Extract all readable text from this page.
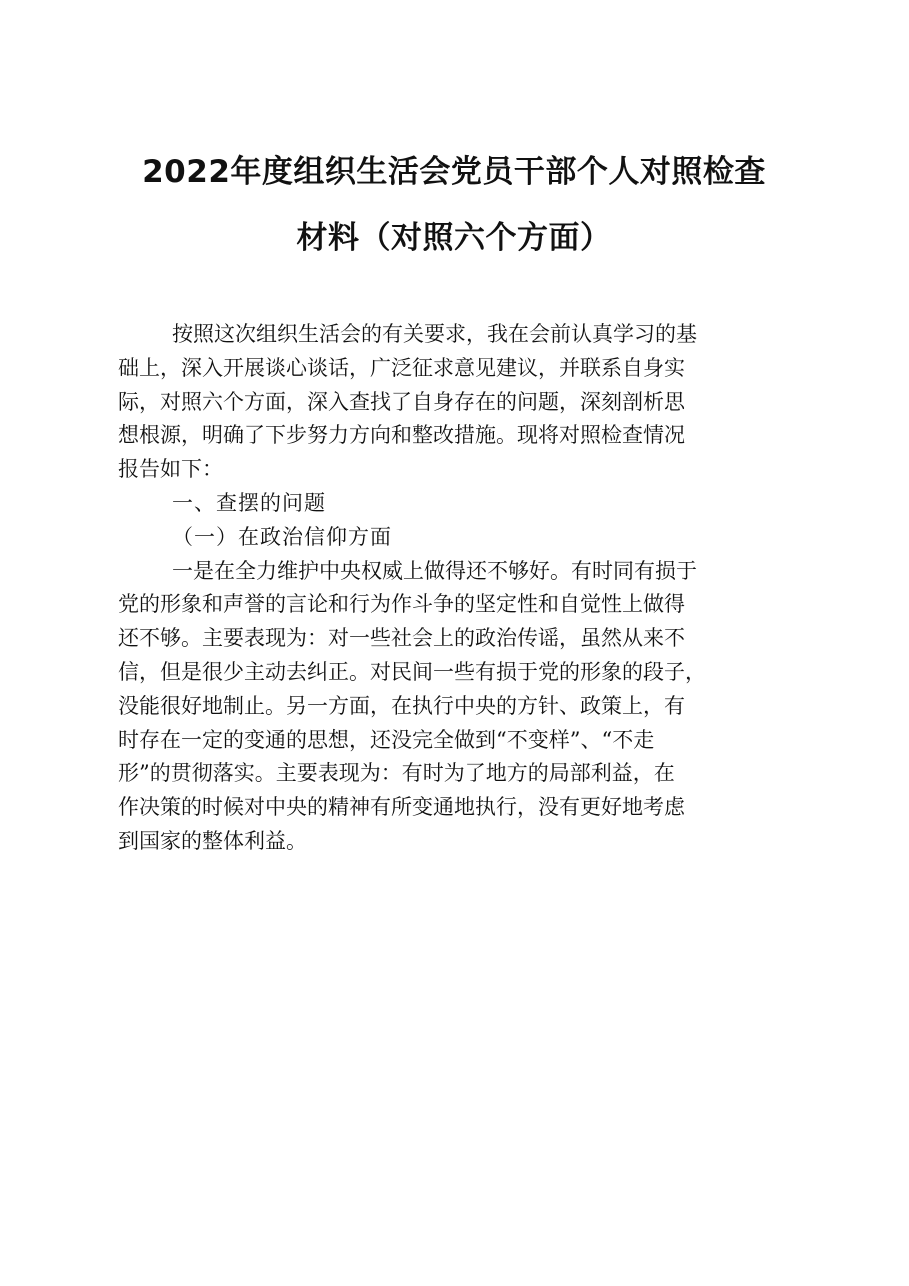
2022年度组织生活会党员干部个人对照检查
材料（对照六个方面）
按照这次组织生活会的有关要求，我在会前认真学习的基
础上，深入开展谈心谈话，广泛征求意见建议，并联系自身实
际，对照六个方面，深入查找了自身存在的问题，深刻剖析思
想根源，明确了下步努力方向和整改措施。现将对照检查情况
报告如下：
一、查摆的问题
（一）在政治信仰方面
一是在全力维护中央权威上做得还不够好。有时同有损于
党的形象和声誉的言论和行为作斗争的坚定性和自觉性上做得
还不够。主要表现为：对一些社会上的政治传谣，虽然从来不
信，但是很少主动去纠正。对民间一些有损于党的形象的段子，
没能很好地制止。另一方面，在执行中央的方针、政策上，有
时存在一定的变通的思想，还没完全做到“不变样”、“不走
形”的贯彻落实。主要表现为：有时为了地方的局部利益，在
作决策的时候对中央的精神有所变通地执行，没有更好地考虑
到国家的整体利益。
